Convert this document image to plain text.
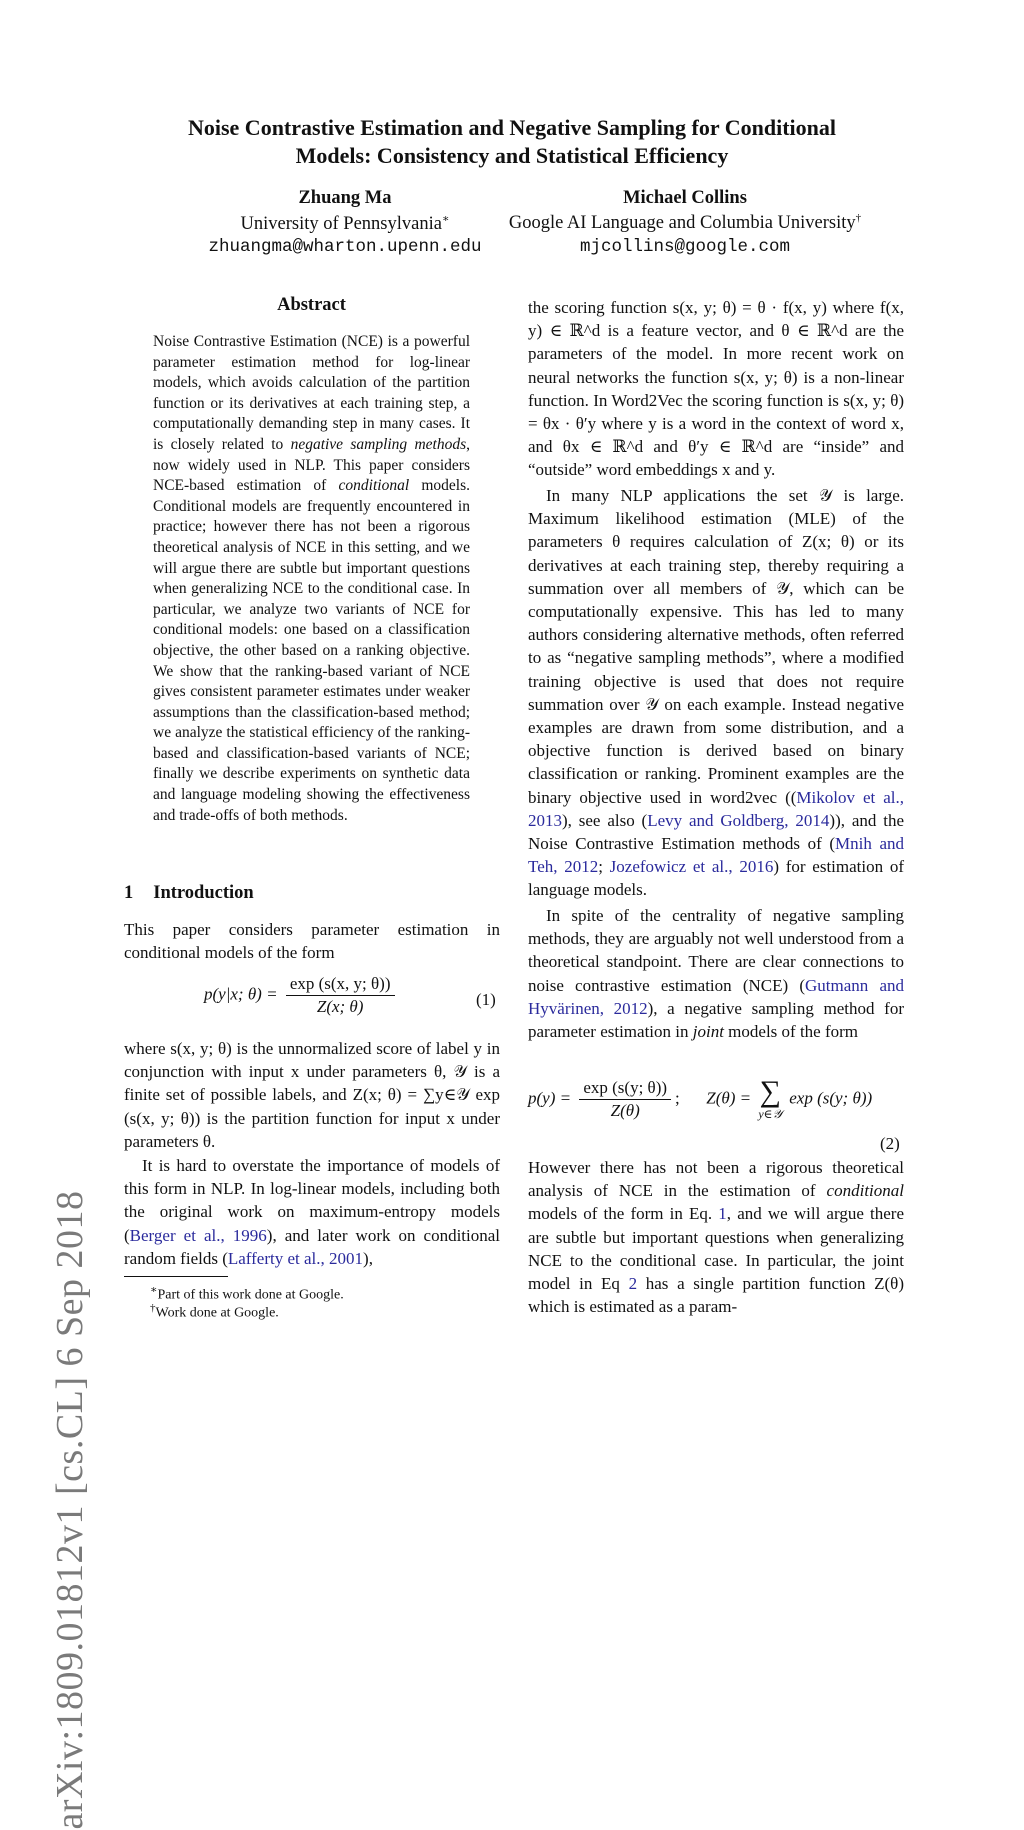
arXiv:1809.01812v1 [cs.CL] 6 Sep 2018
Noise Contrastive Estimation and Negative Sampling for Conditional
Models: Consistency and Statistical Efficiency
Zhuang Ma
University of Pennsylvania∗
zhuangma@wharton.upenn.edu
Michael Collins
Google AI Language and Columbia University†
mjcollins@google.com
Abstract
Noise Contrastive Estimation (NCE) is a powerful parameter estimation method for log-linear models, which avoids calculation of the partition function or its derivatives at each training step, a computationally demanding step in many cases. It is closely related to negative sampling methods, now widely used in NLP. This paper considers NCE-based estimation of conditional models. Conditional models are frequently encountered in practice; however there has not been a rigorous theoretical analysis of NCE in this setting, and we will argue there are subtle but important questions when generalizing NCE to the conditional case. In particular, we analyze two variants of NCE for conditional models: one based on a classification objective, the other based on a ranking objective. We show that the ranking-based variant of NCE gives consistent parameter estimates under weaker assumptions than the classification-based method; we analyze the statistical efficiency of the ranking-based and classification-based variants of NCE; finally we describe experiments on synthetic data and language modeling showing the effectiveness and trade-offs of both methods.
1 Introduction

This paper considers parameter estimation in conditional models of the form

p(y|x; $\theta) = \frac{\exp (s(x, y; \theta))}{Z(x; \theta)}$	(1)

where s(x, y; θ) is the unnormalized score of label y in conjunction with input x under parameters θ, 𝒴 is a finite set of possible labels, and Z(x; θ) = ∑y∈𝒴 exp (s(x, y; θ)) is the partition function for input x under parameters θ.

It is hard to overstate the importance of models of this form in NLP. In log-linear models, including both the original work on maximum-entropy models (Berger et al., 1996), and later work on conditional random fields (Lafferty et al., 2001),

∗Part of this work done at Google.
†Work done at Google.

the scoring function s(x, y; θ) = θ · f(x, y) where f(x, y) ∈ ℝ^d is a feature vector, and θ ∈ ℝ^d are the parameters of the model. In more recent work on neural networks the function s(x, y; θ) is a non-linear function. In Word2Vec the scoring function is s(x, y; θ) = θx · θ′y where y is a word in the context of word x, and θx ∈ ℝ^d and θ′y ∈ ℝ^d are “inside” and “outside” word embeddings x and y.

In many NLP applications the set 𝒴 is large. Maximum likelihood estimation (MLE) of the parameters θ requires calculation of Z(x; θ) or its derivatives at each training step, thereby requiring a summation over all members of 𝒴, which can be computationally expensive. This has led to many authors considering alternative methods, often referred to as “negative sampling methods”, where a modified training objective is used that does not require summation over 𝒴 on each example. Instead negative examples are drawn from some distribution, and a objective function is derived based on binary classification or ranking. Prominent examples are the binary objective used in word2vec ((Mikolov et al., 2013), see also (Levy and Goldberg, 2014)), and the Noise Contrastive Estimation methods of (Mnih and Teh, 2012; Jozefowicz et al., 2016) for estimation of language models.

In spite of the centrality of negative sampling methods, they are arguably not well understood from a theoretical standpoint. There are clear connections to noise contrastive estimation (NCE) (Gutmann and Hyvärinen, 2012), a negative sampling method for parameter estimation in joint models of the form

$p(y) = \frac{\exp (s(y; \theta))}{Z(\theta)}$ ; Z(θ) = ∑
y∈𝒴
exp (s(y; θ))
(2)

However there has not been a rigorous theoretical analysis of NCE in the estimation of conditional models of the form in Eq. 1, and we will argue there are subtle but important questions when generalizing NCE to the conditional case. In particular, the joint model in Eq 2 has a single partition function Z(θ) which is estimated as a param-
